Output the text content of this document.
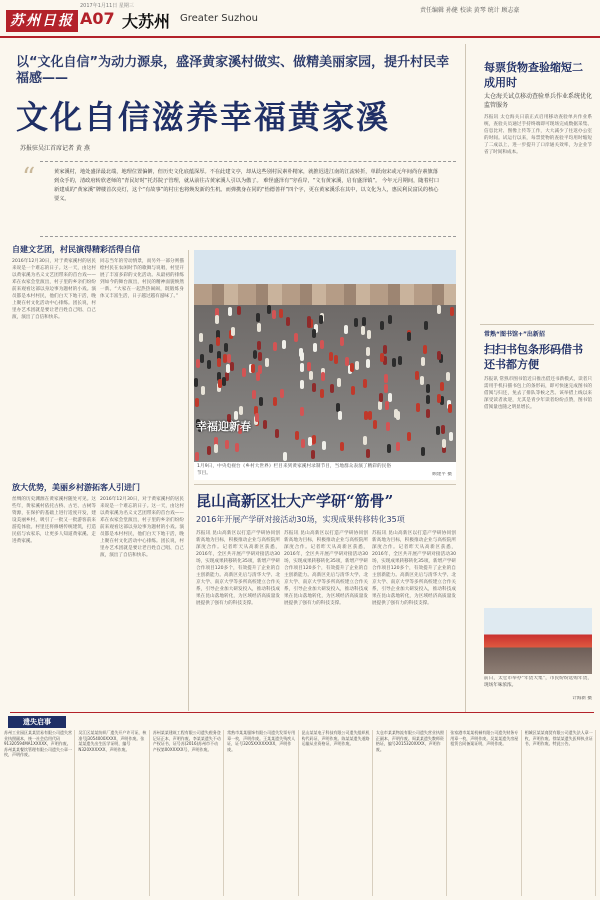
2017年1月11日 星期三
苏州日报 A07 大苏州 Greater Suzhou
责任编辑 孙健 校读 黄琴 统计 顾志豪
以“文化自信”为动力源泉，盛泽黄家溪村做实、做精美丽家园，提升村民幸福感——
文化自信滋养幸福黄家溪
苏报驻吴江首席记者 黄 燕
“	黄家溪村，地处盛泽最北端，地理位置偏僻，但历史文化底蕴深厚。不在此建文亭，却从这些别村民素朴精家，就推迟进江南的江流转折，单跃南宋或元年间尚存素旗落到众手的，清政府转欣老师的“青民好时”托苏院子管理，就从前往古黄家溪人引以为傲了。 难怪盛泽有“穷看岸，“文有黄家溪，启有盛泽镇”。 今年元月期间，随着村口新建成的“黄家溪”牌楼首次亮灯，这个“有故事”的村庄也将焕发新的生机。而弹携身在同的“怡德善祥”四个字，更在黄家溪乐在其中，以文化为人，惠民利民富民的核心要义。
自建文艺团，村民演得精彩活得自信
2016年12月30日，对于黄家溪村的居民来说是一个难忘的日子。这一天，由这村以黄家溪为名义文艺团带来的首台戏——邓在农家会堂演出，村子里的乡亲们纷纷前来观看这部以身边事为题材的小戏。演员都是本村村民，他们白天下地干活，晚上聚在村文化活动中心排练。团长说，村里办艺术团就是要让老百姓自己唱、自己演，演出了自信和快乐。
同志当年的劳动情景，而另外一部分则描绘村民在农闲时节的歌舞与说唱，村里开展了丰富多彩的文化活动。从最初的排练到如今的舞台演出，村民的精神面貌焕然一新。“大家在一起热热闹闹，既锻炼身体又丰富生活，日子越过越有滋味了。”
放大优势，美丽乡村游拓客人引进门
丝绸的历史渊源在黄家溪村随处可见。这些年，黄家溪村依托古桥、古宅、古树等资源，在保护的基础上进行适度开发，建设美丽乡村，吸引了一批又一批游客前来游览体验。村里还将修缮传统建筑，打造民宿与农家乐，让更多人知道黄家溪、走进黄家溪。
2016年12月30日，对于黄家溪村的居民来说是一个难忘的日子。这一天，由这村以黄家溪为名义文艺团带来的首台戏——邓在农家会堂演出，村子里的乡亲们纷纷前来观看这部以身边事为题材的小戏。演员都是本村村民，他们白天下地干活，晚上聚在村文化活动中心排练。团长说，村里办艺术团就是要让老百姓自己唱、自己演，演出了自信和快乐。
幸福迎新春
1月9日，中央电视台《乡村大世界》栏目来到黄家溪村录制节目，当地群众表演了精彩的民俗节目。	顾建平 摄
昆山高新区壮大产学研“筋骨”
2016年开展产学研对接活动30场，实现成果转移转化35项
苏报讯 昆山高新区以打造产学研协同创新高地为目标，积极推动企业与高校院所深度合作。记者昨天从高新区获悉，2016年，全区共开展产学研对接活动30场，实现成果转移转化35项，新增产学研合作项目120多个，有效提升了企业的自主创新能力。高新区先后与清华大学、北京大学、南京大学等多所高校建立合作关系，引导企业加大研发投入，推动科技成果在昆山落地转化，为区域经济高质量发展提供了强有力的科技支撑。
苏报讯 昆山高新区以打造产学研协同创新高地为目标，积极推动企业与高校院所深度合作。记者昨天从高新区获悉，2016年，全区共开展产学研对接活动30场，实现成果转移转化35项，新增产学研合作项目120多个，有效提升了企业的自主创新能力。高新区先后与清华大学、北京大学、南京大学等多所高校建立合作关系，引导企业加大研发投入，推动科技成果在昆山落地转化，为区域经济高质量发展提供了强有力的科技支撑。
苏报讯 昆山高新区以打造产学研协同创新高地为目标，积极推动企业与高校院所深度合作。记者昨天从高新区获悉，2016年，全区共开展产学研对接活动30场，实现成果转移转化35项，新增产学研合作项目120多个，有效提升了企业的自主创新能力。高新区先后与清华大学、北京大学、南京大学等多所高校建立合作关系，引导企业加大研发投入，推动科技成果在昆山落地转化，为区域经济高质量发展提供了强有力的科技支撑。
每票货物查验缩短二成用时
太仓海关试点移动查验单兵作业系统优化监管服务
苏报讯 太仓海关日前正式启用移动查验单兵作业系统，查验关员通过手持终端即可现场完成数据采集、信息比对、图像上传等工作，大大减少了往返办公室的时间。试运行以来，每票货物的查验平均用时缩短了二成以上，进一步提升了口岸通关效率，为企业节省了时间和成本。
常熟“图书馆+”出新招
扫扫书包条形码借书还书都方便
苏报讯 常熟市图书馆近日推出借还书新模式，读者只需用手机扫描书包上的条形码，即可快速完成图书的借阅与归还，免去了排队等候之苦。该举措上线以来深受读者欢迎，尤其是青少年读者纷纷点赞，图书馆借阅量也随之明显增长。
前日，太仓市举办“年货大集”，市民纷纷选购年货，现场年味浓浓。
计海新 摄
遗失启事
苏州工业园区某某贸易有限公司遗失营业执照副本，统一社会信用代码91320594MA1XXXXX，声明作废。苏州某某餐饮管理有限公司遗失公章一枚，声明作废。
吴江区某某纺织厂遗失开户许可证，核准号J3054000XXXX，声明作废。张某某遗失出生医学证明，编号N320XXXXXX，声明作废。
苏州某某建筑工程有限公司遗失税务登记证正本，声明作废。李某某遗失不动产权证书，证号苏(2016)苏州市不动产权第00XXXXX号，声明作废。
常熟市某某服饰有限公司遗失发票专用章一枚，声明作废。王某某遗失残疾人证，证号3205XXXXXXXX，声明作废。
昆山某某电子科技有限公司遗失组织机构代码证，声明作废。陈某某遗失道路运输从业资格证，声明作废。
太仓市某某物流有限公司遗失营业执照正副本，声明作废。周某某遗失教师资格证，编号2015320XXXX，声明作废。
张家港市某某机械有限公司遗失财务专用章一枚，声明作废。吴某某遗失房屋租赁合同备案证明，声明作废。
相城区某某商贸有限公司遗失法人章一枚，声明作废。徐某某遗失医师执业证书，声明作废。特此公告。
